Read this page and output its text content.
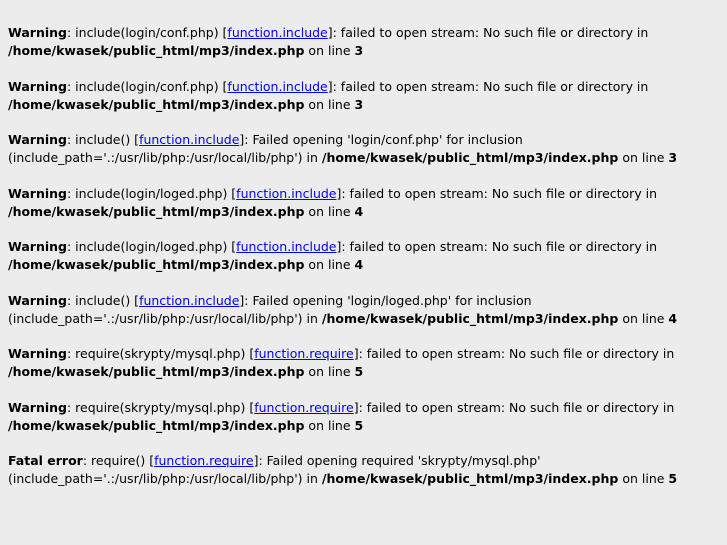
Warning: include(login/conf.php) [function.include]: failed to open stream: No such file or directory in
/home/kwasek/public_html/mp3/index.php on line 3
Warning: include(login/conf.php) [function.include]: failed to open stream: No such file or directory in
/home/kwasek/public_html/mp3/index.php on line 3
Warning: include() [function.include]: Failed opening 'login/conf.php' for inclusion
(include_path='.:/usr/lib/php:/usr/local/lib/php') in /home/kwasek/public_html/mp3/index.php on line 3
Warning: include(login/loged.php) [function.include]: failed to open stream: No such file or directory in
/home/kwasek/public_html/mp3/index.php on line 4
Warning: include(login/loged.php) [function.include]: failed to open stream: No such file or directory in
/home/kwasek/public_html/mp3/index.php on line 4
Warning: include() [function.include]: Failed opening 'login/loged.php' for inclusion
(include_path='.:/usr/lib/php:/usr/local/lib/php') in /home/kwasek/public_html/mp3/index.php on line 4
Warning: require(skrypty/mysql.php) [function.require]: failed to open stream: No such file or directory in
/home/kwasek/public_html/mp3/index.php on line 5
Warning: require(skrypty/mysql.php) [function.require]: failed to open stream: No such file or directory in
/home/kwasek/public_html/mp3/index.php on line 5
Fatal error: require() [function.require]: Failed opening required 'skrypty/mysql.php'
(include_path='.:/usr/lib/php:/usr/local/lib/php') in /home/kwasek/public_html/mp3/index.php on line 5
